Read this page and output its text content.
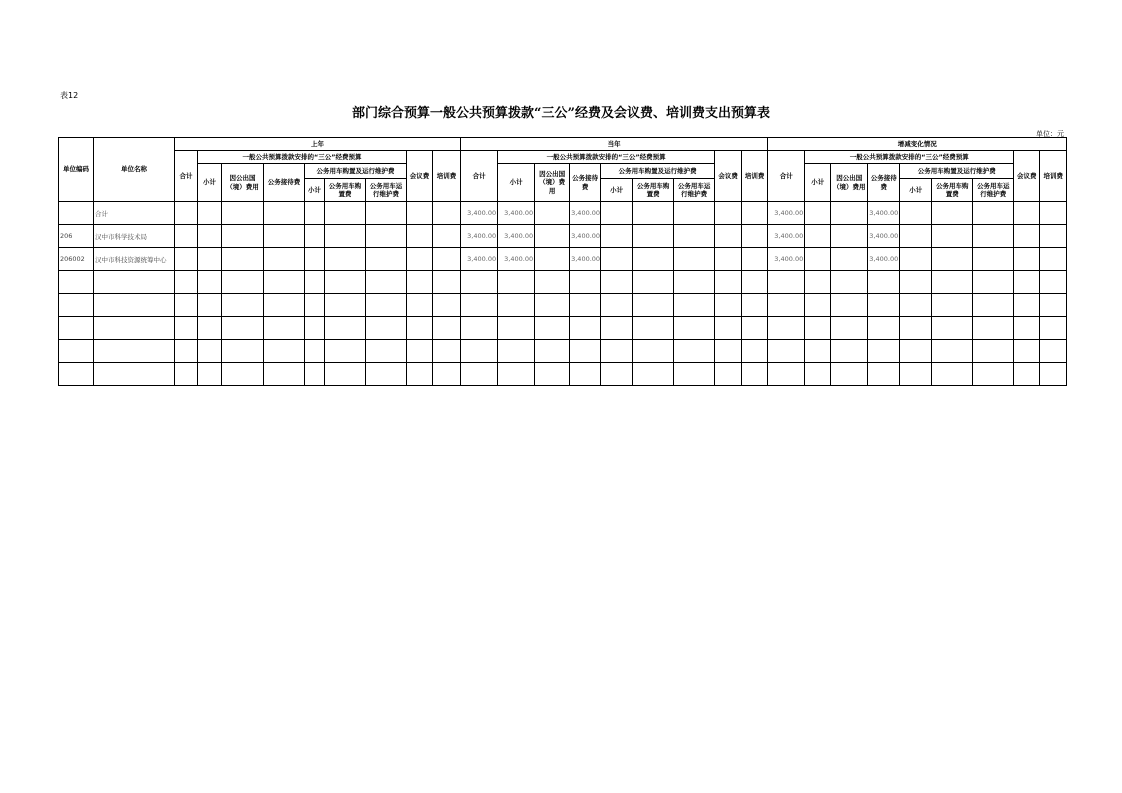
表12
部门综合预算一般公共预算拨款“三公”经费及会议费、培训费支出预算表
单位：元
单位编码	单位名称	上年									当年									增减变化情况								
		合计	一般公共预算拨款安排的“三公”经费预算						会议费	培训费	合计	一般公共预算拨款安排的“三公”经费预算						会议费	培训费	合计	一般公共预算拨款安排的“三公”经费预算						会议费	培训费
			小计	因公出国（境）费用	公务接待费	公务用车购置及运行维护费						小计	因公出国（境）费用	公务接待费	公务用车购置及运行维护费						小计	因公出国（境）费用	公务接待费	公务用车购置及运行维护费				
						小计	公务用车购置费	公务用车运行维护费							小计	公务用车购置费	公务用车运行维护费							小计	公务用车购置费	公务用车运行维护费		
	合计										3,400.00	3,400.00		3,400.00						3,400.00			3,400.00					
206	汉中市科学技术局										3,400.00	3,400.00		3,400.00						3,400.00			3,400.00					
206002	汉中市科技资源统筹中心										3,400.00	3,400.00		3,400.00						3,400.00			3,400.00					
